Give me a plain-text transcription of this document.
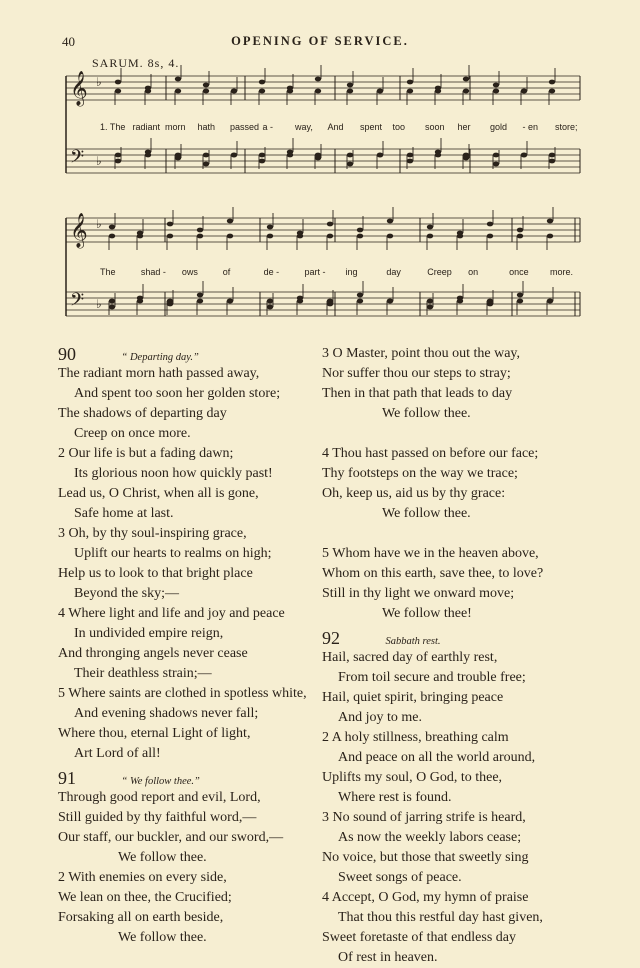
40	OPENING OF SERVICE.
SARUM. 8s, 4.
𝄞
𝄢
𝄞
𝄢
♭
♭
♭
♭
1. The radiant morn hath passed a - way, And spent too soon her gold - en store;
The	shad - ows	of	de -	part - ing	day	Creep on	once more.
90	“ Departing day.”
The radiant morn hath passed away,
And spent too soon her golden store;
The shadows of departing day
Creep on once more.
2 Our life is but a fading dawn;
Its glorious noon how quickly past!
Lead us, O Christ, when all is gone,
Safe home at last.
3 Oh, by thy soul-inspiring grace,
Uplift our hearts to realms on high;
Help us to look to that bright place
Beyond the sky;—
4 Where light and life and joy and peace
In undivided empire reign,
And thronging angels never cease
Their deathless strain;—
5 Where saints are clothed in spotless white,
And evening shadows never fall;
Where thou, eternal Light of light,
Art Lord of all!
91	“ We follow thee.”
Through good report and evil, Lord,
Still guided by thy faithful word,—
Our staff, our buckler, and our sword,—
We follow thee.
2 With enemies on every side,
We lean on thee, the Crucified;
Forsaking all on earth beside,
We follow thee.
3 O Master, point thou out the way,
Nor suffer thou our steps to stray;
Then in that path that leads to day
We follow thee.
4 Thou hast passed on before our face;
Thy footsteps on the way we trace;
Oh, keep us, aid us by thy grace:
We follow thee.
5 Whom have we in the heaven above,
Whom on this earth, save thee, to love?
Still in thy light we onward move;
We follow thee!
92	Sabbath rest.
Hail, sacred day of earthly rest,
From toil secure and trouble free;
Hail, quiet spirit, bringing peace
And joy to me.
2 A holy stillness, breathing calm
And peace on all the world around,
Uplifts my soul, O God, to thee,
Where rest is found.
3 No sound of jarring strife is heard,
As now the weekly labors cease;
No voice, but those that sweetly sing
Sweet songs of peace.
4 Accept, O God, my hymn of praise
That thou this restful day hast given,
Sweet foretaste of that endless day
Of rest in heaven.
